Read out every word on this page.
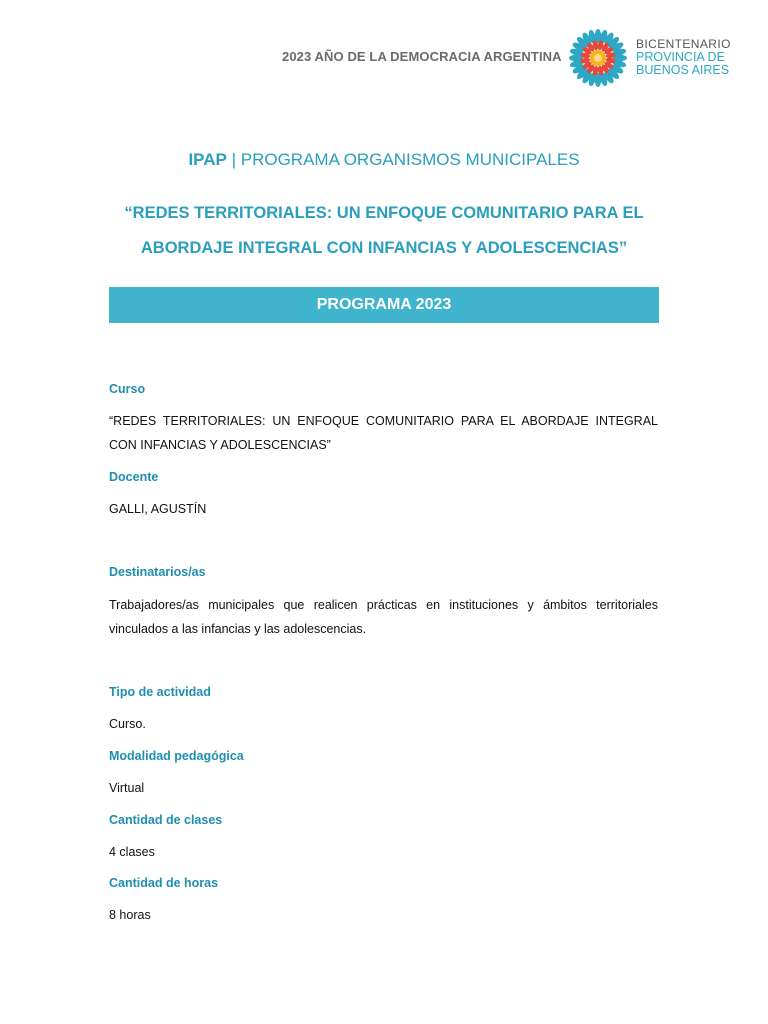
2023 AÑO DE LA DEMOCRACIA ARGENTINA
BICENTENARIO
PROVINCIA DE
BUENOS AIRES
IPAP | PROGRAMA ORGANISMOS MUNICIPALES
“REDES TERRITORIALES: UN ENFOQUE COMUNITARIO PARA EL ABORDAJE INTEGRAL CON INFANCIAS Y ADOLESCENCIAS”
PROGRAMA 2023
Curso
“REDES TERRITORIALES: UN ENFOQUE COMUNITARIO PARA EL ABORDAJE INTEGRAL CON INFANCIAS Y ADOLESCENCIAS”
Docente
GALLI, AGUSTÍN
Destinatarios/as
Trabajadores/as municipales que realicen prácticas en instituciones y ámbitos territoriales vinculados a las infancias y las adolescencias.
Tipo de actividad
Curso.
Modalidad pedagógica
Virtual
Cantidad de clases
4 clases
Cantidad de horas
8 horas
